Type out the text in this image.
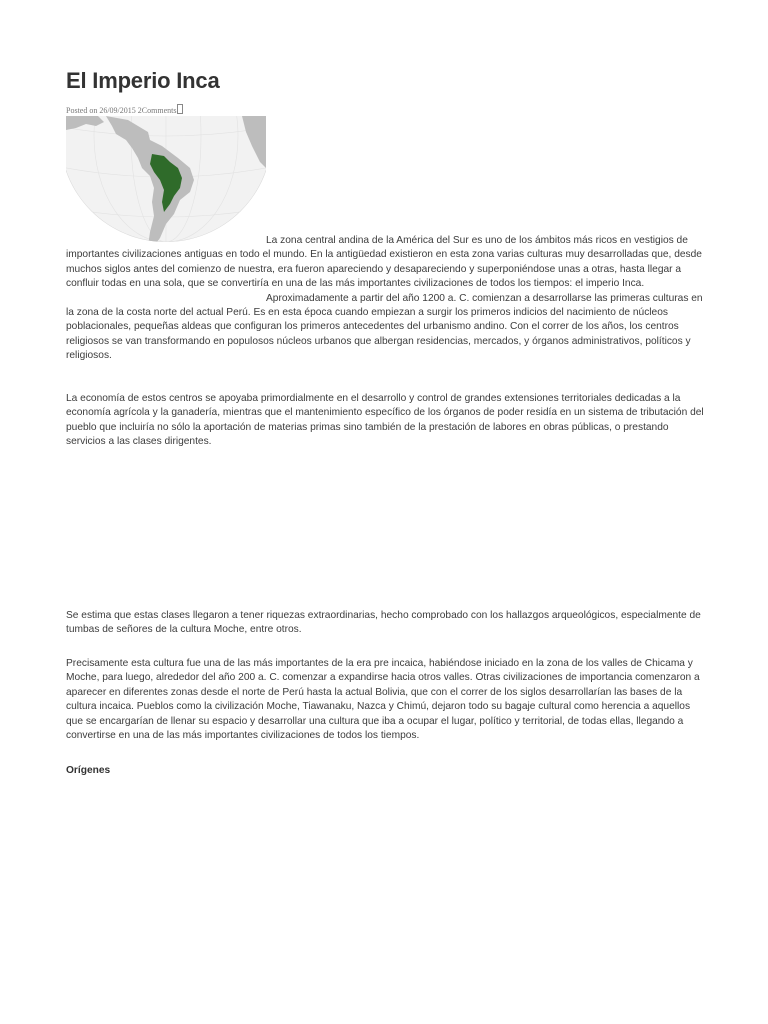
El Imperio Inca
Posted on 26/09/2015 2Comments

La zona central andina de la América del Sur es uno de los ámbitos más ricos en vestigios de importantes civilizaciones antiguas en todo el mundo. En la antigüedad existieron en esta zona varias culturas muy desarrolladas que, desde muchos siglos antes del comienzo de nuestra, era fueron apareciendo y desapareciendo y superponiéndose unas a otras, hasta llegar a confluir todas en una sola, que se convertiría en una de las más importantes civilizaciones de todos los tiempos: el imperio Inca.
Aproximadamente a partir del año 1200 a. C. comienzan a desarrollarse las primeras culturas en la zona de la costa norte del actual Perú. Es en esta época cuando empiezan a surgir los primeros indicios del nacimiento de núcleos poblacionales, pequeñas aldeas que configuran los primeros antecedentes del urbanismo andino. Con el correr de los años, los centros religiosos se van transformando en populosos núcleos urbanos que albergan residencias, mercados, y órganos administrativos, políticos y religiosos.

La economía de estos centros se apoyaba primordialmente en el desarrollo y control de grandes extensiones territoriales dedicadas a la economía agrícola y la ganadería, mientras que el mantenimiento específico de los órganos de poder residía en un sistema de tributación del pueblo que incluiría no sólo la aportación de materias primas sino también de la prestación de labores en obras públicas, o prestando servicios a las clases dirigentes.

Se estima que estas clases llegaron a tener riquezas extraordinarias, hecho comprobado con los hallazgos arqueológicos, especialmente de tumbas de señores de la cultura Moche, entre otros.

Precisamente esta cultura fue una de las más importantes de la era pre incaica, habiéndose iniciado en la zona de los valles de Chicama y Moche, para luego, alrededor del año 200 a. C. comenzar a expandirse hacia otros valles. Otras civilizaciones de importancia comenzaron a aparecer en diferentes zonas desde el norte de Perú hasta la actual Bolivia, que con el correr de los siglos desarrollarían las bases de la cultura incaica. Pueblos como la civilización Moche, Tiawanaku, Nazca y Chimú, dejaron todo su bagaje cultural como herencia a aquellos que se encargarían de llenar su espacio y desarrollar una cultura que iba a ocupar el lugar, político y territorial, de todas ellas, llegando a convertirse en una de las más importantes civilizaciones de todos los tiempos.

Orígenes
